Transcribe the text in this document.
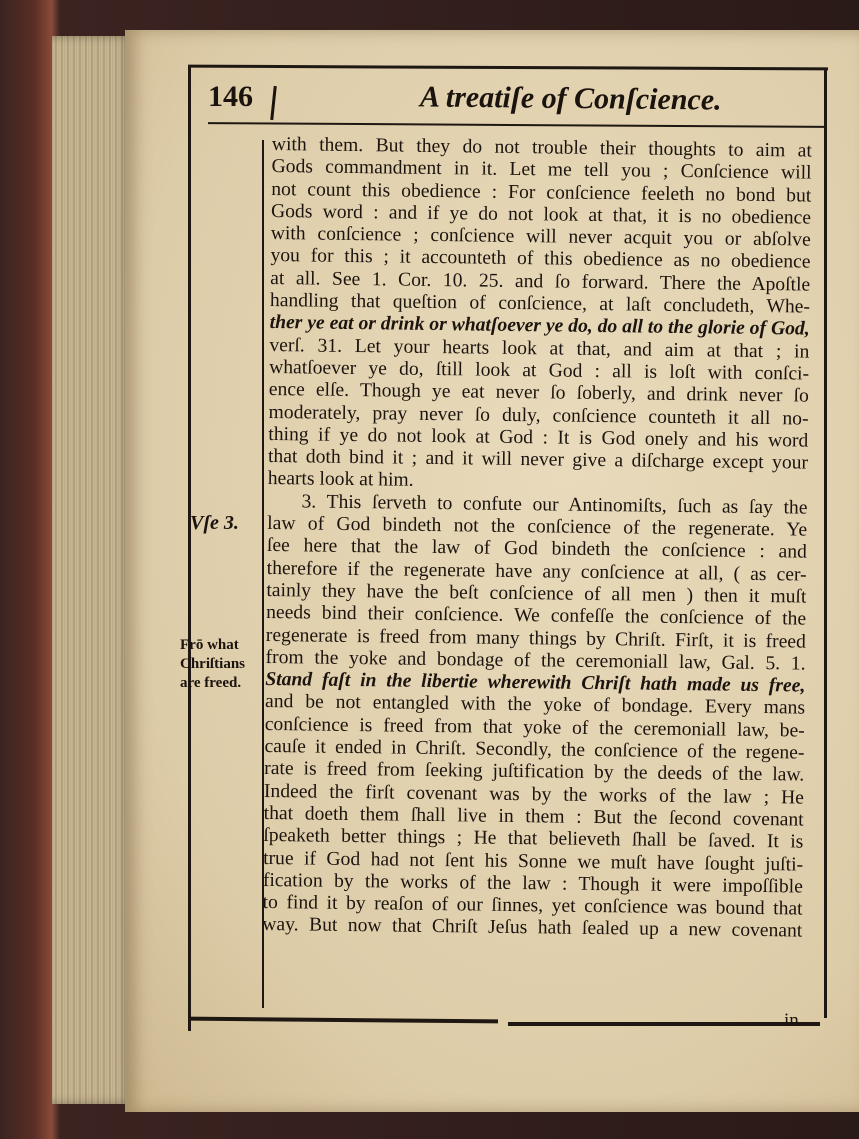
146	A treatiſe of Conſcience.
Vſe 3.
Frō what
Chriſtians
are freed.
with them. But they do not trouble their thoughts to aim at
Gods commandment in it. Let me tell you ; Conſcience will
not count this obedience : For conſcience feeleth no bond but
Gods word : and if ye do not look at that, it is no obedience
with conſcience ; conſcience will never acquit you or abſolve
you for this ; it accounteth of this obedience as no obedience
at all. See 1. Cor. 10. 25. and ſo forward. There the Apoſtle
handling that queſtion of conſcience, at laſt concludeth, Whe-
ther ye eat or drink or whatſoever ye do, do all to the glorie of God,
verſ. 31. Let your hearts look at that, and aim at that ; in
whatſoever ye do, ſtill look at God : all is loſt with conſci-
ence elſe. Though ye eat never ſo ſoberly, and drink never ſo
moderately, pray never ſo duly, conſcience counteth it all no-
thing if ye do not look at God : It is God onely and his word
that doth bind it ; and it will never give a diſcharge except your
hearts look at him.
3. This ſerveth to confute our Antinomiſts, ſuch as ſay the
law of God bindeth not the conſcience of the regenerate. Ye
ſee here that the law of God bindeth the conſcience : and
therefore if the regenerate have any conſcience at all, ( as cer-
tainly they have the beſt conſcience of all men ) then it muſt
needs bind their conſcience. We confeſſe the conſcience of the
regenerate is freed from many things by Chriſt. Firſt, it is freed
from the yoke and bondage of the ceremoniall law, Gal. 5. 1.
Stand faſt in the libertie wherewith Chriſt hath made us free,
and be not entangled with the yoke of bondage. Every mans
conſcience is freed from that yoke of the ceremoniall law, be-
cauſe it ended in Chriſt. Secondly, the conſcience of the regene-
rate is freed from ſeeking juſtification by the deeds of the law.
Indeed the firſt covenant was by the works of the law ; He
that doeth them ſhall live in them : But the ſecond covenant
ſpeaketh better things ; He that believeth ſhall be ſaved. It is
true if God had not ſent his Sonne we muſt have ſought juſti-
fication by the works of the law : Though it were impoſſible
to find it by reaſon of our ſinnes, yet conſcience was bound that
way. But now that Chriſt Jeſus hath ſealed up a new covenant
in
